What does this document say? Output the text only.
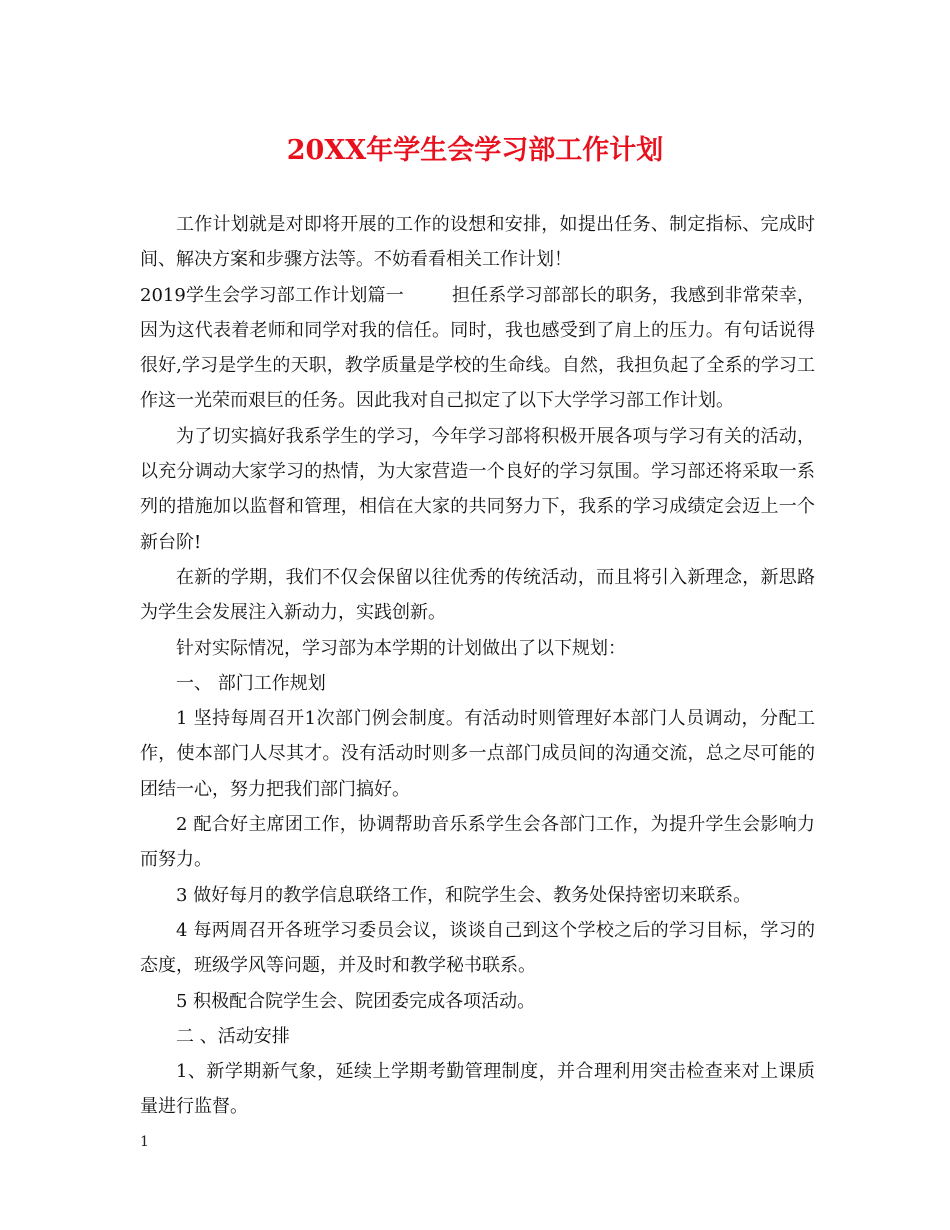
20XX年学生会学习部工作计划

工作计划就是对即将开展的工作的设想和安排，如提出任务、制定指标、完成时间、解决方案和步骤方法等。不妨看看相关工作计划！

2019学生会学习部工作计划篇一	担任系学习部部长的职务，我感到非常荣幸，因为这代表着老师和同学对我的信任。同时，我也感受到了肩上的压力。有句话说得很好,学习是学生的天职，教学质量是学校的生命线。自然，我担负起了全系的学习工作这一光荣而艰巨的任务。因此我对自己拟定了以下大学学习部工作计划。

为了切实搞好我系学生的学习，今年学习部将积极开展各项与学习有关的活动，以充分调动大家学习的热情，为大家营造一个良好的学习氛围。学习部还将采取一系列的措施加以监督和管理，相信在大家的共同努力下，我系的学习成绩定会迈上一个新台阶!

在新的学期，我们不仅会保留以往优秀的传统活动，而且将引入新理念，新思路为学生会发展注入新动力，实践创新。

针对实际情况，学习部为本学期的计划做出了以下规划：

一、 部门工作规划

1 坚持每周召开1次部门例会制度。有活动时则管理好本部门人员调动，分配工作，使本部门人尽其才。没有活动时则多一点部门成员间的沟通交流，总之尽可能的团结一心，努力把我们部门搞好。

2 配合好主席团工作，协调帮助音乐系学生会各部门工作，为提升学生会影响力而努力。

3 做好每月的教学信息联络工作，和院学生会、教务处保持密切来联系。

4 每两周召开各班学习委员会议，谈谈自己到这个学校之后的学习目标，学习的态度，班级学风等问题，并及时和教学秘书联系。

5 积极配合院学生会、院团委完成各项活动。

二 、活动安排

1、新学期新气象，延续上学期考勤管理制度，并合理利用突击检查来对上课质量进行监督。

1
